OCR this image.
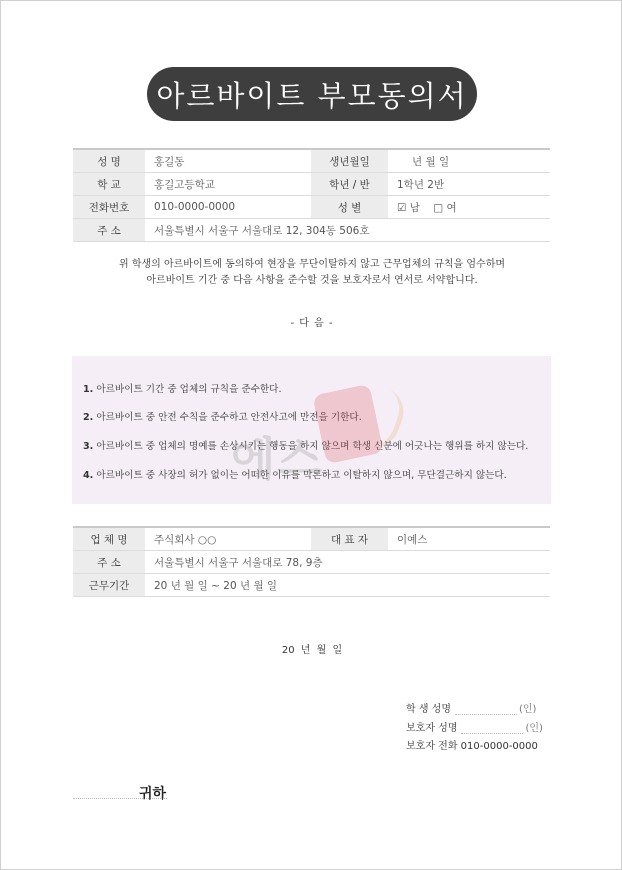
아르바이트 부모동의서
성 명	홍길동	생년월일	년 월 일
학 교	홍길고등학교	학년 / 반	1학년 2반
전화번호	010-0000-0000	성 별	☑ 남 □ 여
주 소	서울특별시 서울구 서울대로 12, 304동 506호		
위 학생의 아르바이트에 동의하여 현장을 무단이탈하지 않고 근무업체의 규칙을 엄수하며
아르바이트 기간 중 다음 사항을 준수할 것을 보호자로서 연서로 서약합니다.
- 다 음 -
1. 아르바이트 기간 중 업체의 규칙을 준수한다.
2. 아르바이트 중 안전 수칙을 준수하고 안전사고에 만전을 기한다.
3. 아르바이트 중 업체의 명예를 손상시키는 행동을 하지 않으며 학생 신분에 어긋나는 행위를 하지 않는다.
4. 아르바이트 중 사장의 허가 없이는 어떠한 이유를 막론하고 이탈하지 않으며, 무단결근하지 않는다.
에스
업 체 명	주식회사 ○○	대 표 자	이예스
주 소	서울특별시 서울구 서울대로 78, 9층		
근무기간	20 년 월 일 ~ 20 년 월 일		
20 년 월 일
학 생 성명	(인)
보호자 성명	(인)
보호자 전화 010-0000-0000
귀하
